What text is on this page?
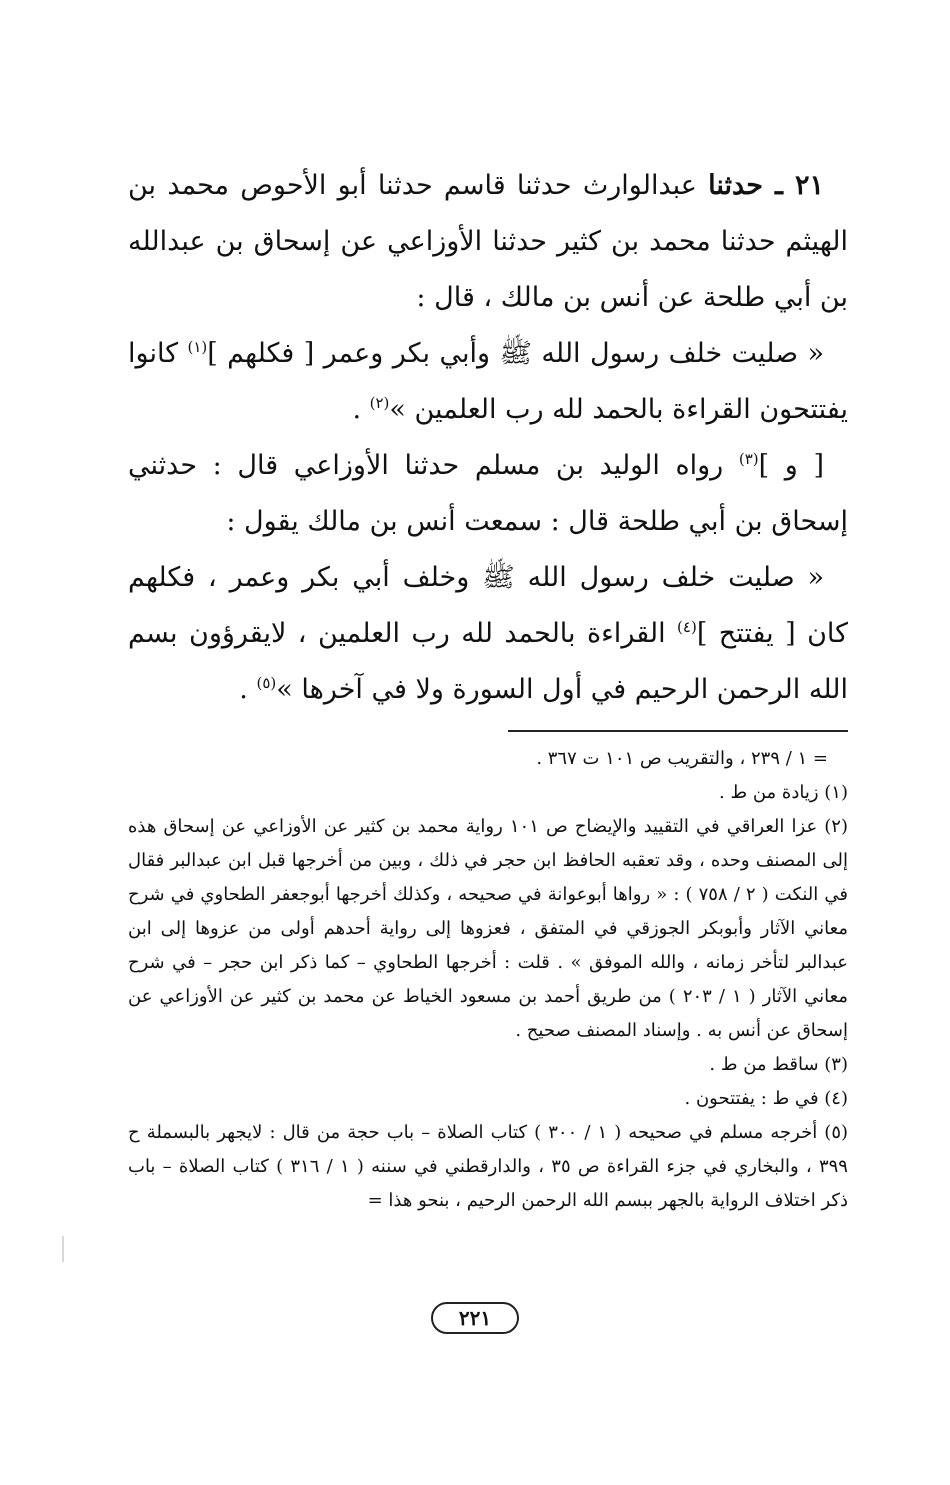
٢١ ـ حدثنا عبدالوارث حدثنا قاسم حدثنا أبو الأحوص محمد بن الهيثم حدثنا محمد بن كثير حدثنا الأوزاعي عن إسحاق بن عبدالله بن أبي طلحة عن أنس بن مالك ، قال :

« صليت خلف رسول الله ﷺ وأبي بكر وعمر [ فكلهم ]$^{(١)}$ كانوا يفتتحون القراءة بالحمد لله رب العلمين »$^{(٢)}$ .

[ و ]$^{(٣)}$ رواه الوليد بن مسلم حدثنا الأوزاعي قال : حدثني إسحاق بن أبي طلحة قال : سمعت أنس بن مالك يقول :

« صليت خلف رسول الله ﷺ وخلف أبي بكر وعمر ، فكلهم كان [ يفتتح ]$^{(٤)}$ القراءة بالحمد لله رب العلمين ، لايقرؤون بسم الله الرحمن الرحيم في أول السورة ولا في آخرها »$^{(٥)}$ .

= ١ / ٢٣٩ ، والتقريب ص ١٠١ ت ٣٦٧ .

(١) زيادة من ط .

(٢) عزا العراقي في التقييد والإيضاح ص ١٠١ رواية محمد بن كثير عن الأوزاعي عن إسحاق هذه إلى المصنف وحده ، وقد تعقبه الحافظ ابن حجر في ذلك ، وبين من أخرجها قبل ابن عبدالبر فقال في النكت ( ٢ / ٧٥٨ ) : « رواها أبوعوانة في صحيحه ، وكذلك أخرجها أبوجعفر الطحاوي في شرح معاني الآثار وأبوبكر الجوزقي في المتفق ، فعزوها إلى رواية أحدهم أولى من عزوها إلى ابن عبدالبر لتأخر زمانه ، والله الموفق » . قلت : أخرجها الطحاوي – كما ذكر ابن حجر – في شرح معاني الآثار ( ١ / ٢٠٣ ) من طريق أحمد بن مسعود الخياط عن محمد بن كثير عن الأوزاعي عن إسحاق عن أنس به . وإسناد المصنف صحيح .

(٣) ساقط من ط .

(٤) في ط : يفتتحون .

(٥) أخرجه مسلم في صحيحه ( ١ / ٣٠٠ ) كتاب الصلاة – باب حجة من قال : لايجهر بالبسملة ح ٣٩٩ ، والبخاري في جزء القراءة ص ٣٥ ، والدارقطني في سننه ( ١ / ٣١٦ ) كتاب الصلاة – باب ذكر اختلاف الرواية بالجهر ببسم الله الرحمن الرحيم ، بنحو هذا =

٢٢١
